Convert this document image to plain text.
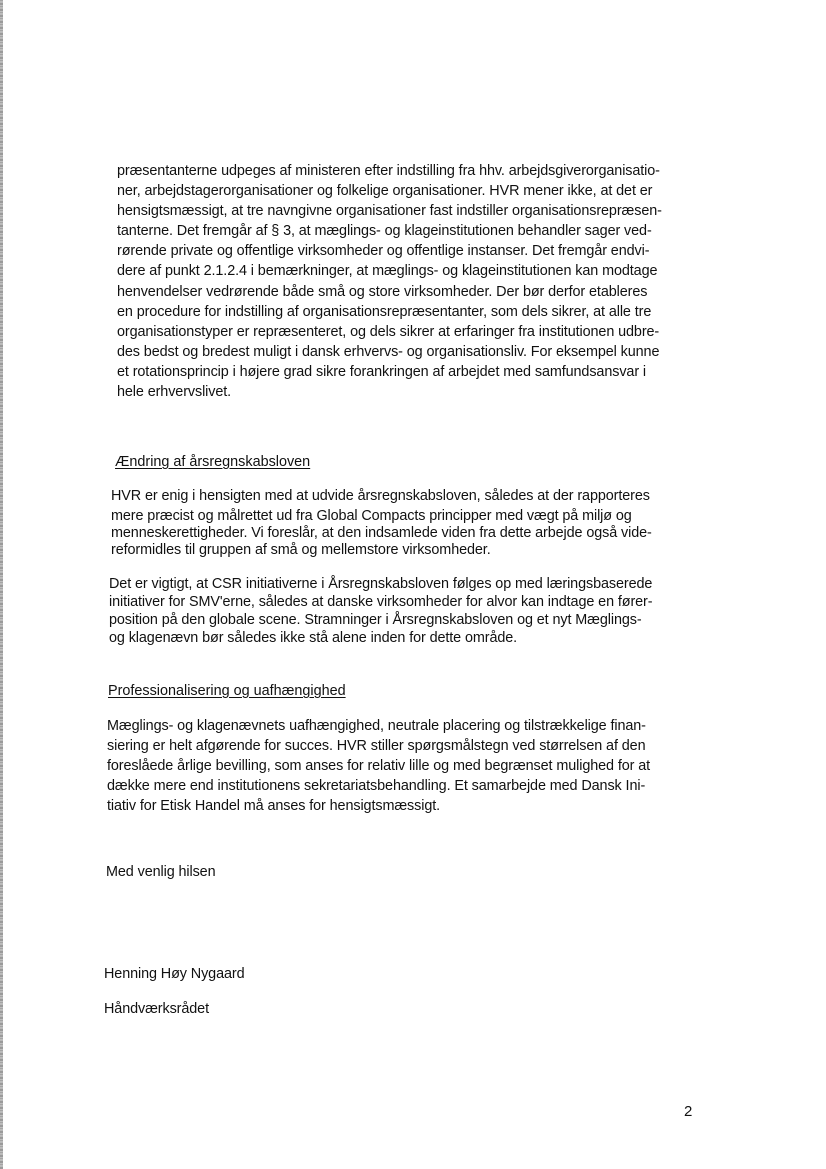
præsentanterne udpeges af ministeren efter indstilling fra hhv. arbejdsgiverorganisatio-
ner, arbejdstagerorganisationer og folkelige organisationer. HVR mener ikke, at det er
hensigtsmæssigt, at tre navngivne organisationer fast indstiller organisationsrepræsen-
tanterne. Det fremgår af § 3, at mæglings- og klageinstitutionen behandler sager ved-
rørende private og offentlige virksomheder og offentlige instanser. Det fremgår endvi-
dere af punkt 2.1.2.4 i bemærkninger, at mæglings- og klageinstitutionen kan modtage
henvendelser vedrørende både små og store virksomheder. Der bør derfor etableres
en procedure for indstilling af organisationsrepræsentanter, som dels sikrer, at alle tre
organisationstyper er repræsenteret, og dels sikrer at erfaringer fra institutionen udbre-
des bedst og bredest muligt i dansk erhvervs- og organisationsliv. For eksempel kunne
et rotationsprincip i højere grad sikre forankringen af arbejdet med samfundsansvar i
hele erhvervslivet.
Ændring af årsregnskabsloven
HVR er enig i hensigten med at udvide årsregnskabsloven, således at der rapporteres
mere præcist og målrettet ud fra Global Compacts principper med vægt på miljø og
menneskerettigheder. Vi foreslår, at den indsamlede viden fra dette arbejde også vide-
reformidles til gruppen af små og mellemstore virksomheder.
Det er vigtigt, at CSR initiativerne i Årsregnskabsloven følges op med læringsbaserede
initiativer for SMV'erne, således at danske virksomheder for alvor kan indtage en fører-
position på den globale scene. Stramninger i Årsregnskabsloven og et nyt Mæglings-
og klagenævn bør således ikke stå alene inden for dette område.
Professionalisering og uafhængighed
Mæglings- og klagenævnets uafhængighed, neutrale placering og tilstrækkelige finan-
siering er helt afgørende for succes. HVR stiller spørgsmålstegn ved størrelsen af den
foreslåede årlige bevilling, som anses for relativ lille og med begrænset mulighed for at
dække mere end institutionens sekretariatsbehandling. Et samarbejde med Dansk Ini-
tiativ for Etisk Handel må anses for hensigtsmæssigt.
Med venlig hilsen
Henning Høy Nygaard
Håndværksrådet
2
